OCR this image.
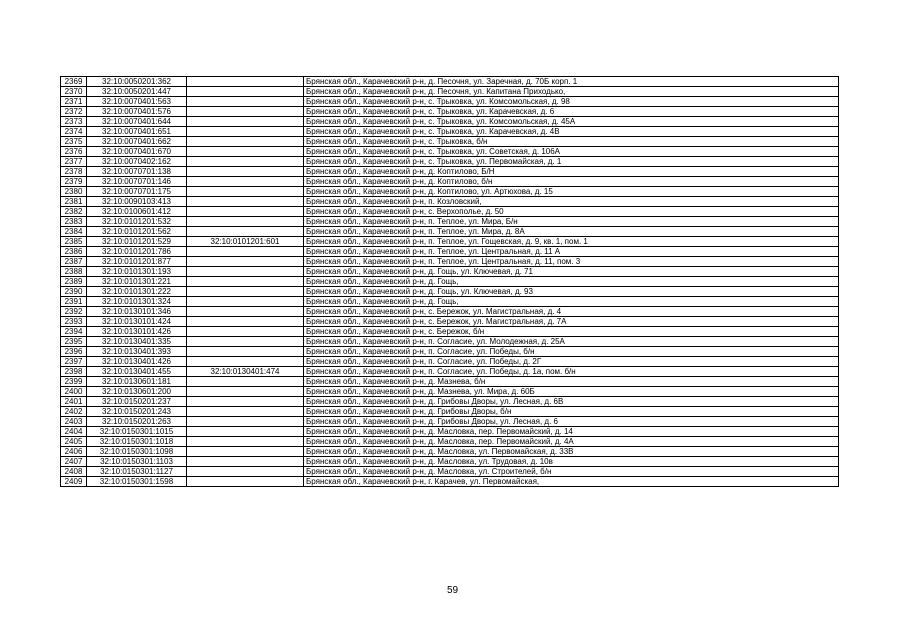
2369	32:10:0050201:362		Брянская обл., Карачевский р-н, д. Песочня, ул. Заречная, д. 70Б корп. 1
2370	32:10:0050201:447		Брянская обл., Карачевский р-н, д. Песочня, ул. Капитана Приходько,
2371	32:10:0070401:563		Брянская обл., Карачевский р-н, с. Трыковка, ул. Комсомольская, д. 98
2372	32:10:0070401:576		Брянская обл., Карачевский р-н, с. Трыковка, ул. Карачевская, д. 6
2373	32:10:0070401:644		Брянская обл., Карачевский р-н, с. Трыковка, ул. Комсомольская, д. 45А
2374	32:10:0070401:651		Брянская обл., Карачевский р-н, с. Трыковка, ул. Карачевская, д. 4В
2375	32:10:0070401:662		Брянская обл., Карачевский р-н, с. Трыковка, б/н
2376	32:10:0070401:670		Брянская обл., Карачевский р-н, с. Трыковка, ул. Советская, д. 106А
2377	32:10:0070402:162		Брянская обл., Карачевский р-н, с. Трыковка, ул. Первомайская, д. 1
2378	32:10:0070701:138		Брянская обл., Карачевский р-н, д. Коптилово, Б/Н
2379	32:10:0070701:146		Брянская обл., Карачевский р-н, д. Коптилово, б/н
2380	32:10:0070701:175		Брянская обл., Карачевский р-н, д. Коптилово, ул. Артюхова, д. 15
2381	32:10:0090103:413		Брянская обл., Карачевский р-н, п. Козловский,
2382	32:10:0100601:412		Брянская обл., Карачевский р-н, с. Верхополье, д. 50
2383	32:10:0101201:532		Брянская обл., Карачевский р-н, п. Теплое, ул. Мира, Б/н
2384	32:10:0101201:562		Брянская обл., Карачевский р-н, п. Теплое, ул. Мира, д. 8А
2385	32:10:0101201:529	32:10:0101201:601	Брянская обл., Карачевский р-н, п. Теплое, ул. Гощевская, д. 9, кв. 1, пом. 1
2386	32:10:0101201:786		Брянская обл., Карачевский р-н, п. Теплое, ул. Центральная, д. 11 А
2387	32:10:0101201:877		Брянская обл., Карачевский р-н, п. Теплое, ул. Центральная, д. 11, пом. 3
2388	32:10:0101301:193		Брянская обл., Карачевский р-н, д. Гощь, ул. Ключевая, д. 71
2389	32:10:0101301:221		Брянская обл., Карачевский р-н, д. Гощь,
2390	32:10:0101301:222		Брянская обл., Карачевский р-н, д. Гощь, ул. Ключевая, д. 93
2391	32:10:0101301:324		Брянская обл., Карачевский р-н, д. Гощь,
2392	32:10:0130101:346		Брянская обл., Карачевский р-н, с. Бережок, ул. Магистральная, д. 4
2393	32:10:0130101:424		Брянская обл., Карачевский р-н, с. Бережок, ул. Магистральная, д. 7А
2394	32:10:0130101:426		Брянская обл., Карачевский р-н, с. Бережок, б/н
2395	32:10:0130401:335		Брянская обл., Карачевский р-н, п. Согласие, ул. Молодежная, д. 25А
2396	32:10:0130401:393		Брянская обл., Карачевский р-н, п. Согласие, ул. Победы, б/н
2397	32:10:0130401:426		Брянская обл., Карачевский р-н, п. Согласие, ул. Победы, д. 2Г
2398	32:10:0130401:455	32:10:0130401:474	Брянская обл., Карачевский р-н, п. Согласие, ул. Победы, д. 1а, пом. б/н
2399	32:10:0130601:181		Брянская обл., Карачевский р-н, д. Мазнева, б/н
2400	32:10:0130601:200		Брянская обл., Карачевский р-н, д. Мазнева, ул. Мира, д. 60Б
2401	32:10:0150201:237		Брянская обл., Карачевский р-н, д. Грибовы Дворы, ул. Лесная, д. 6В
2402	32:10:0150201:243		Брянская обл., Карачевский р-н, д. Грибовы Дворы, б/н
2403	32:10:0150201:263		Брянская обл., Карачевский р-н, д. Грибовы Дворы, ул. Лесная, д. 6
2404	32:10:0150301:1015		Брянская обл., Карачевский р-н, д. Масловка, пер. Первомайский, д. 14
2405	32:10:0150301:1018		Брянская обл., Карачевский р-н, д. Масловка, пер. Первомайский, д. 4А
2406	32:10:0150301:1098		Брянская обл., Карачевский р-н, д. Масловка, ул. Первомайская, д. 33В
2407	32:10:0150301:1103		Брянская обл., Карачевский р-н, д. Масловка, ул. Трудовая, д. 10в
2408	32:10:0150301:1127		Брянская обл., Карачевский р-н, д. Масловка, ул. Строителей, б/н
2409	32:10:0150301:1598		Брянская обл., Карачевский р-н, г. Карачев, ул. Первомайская,
59
